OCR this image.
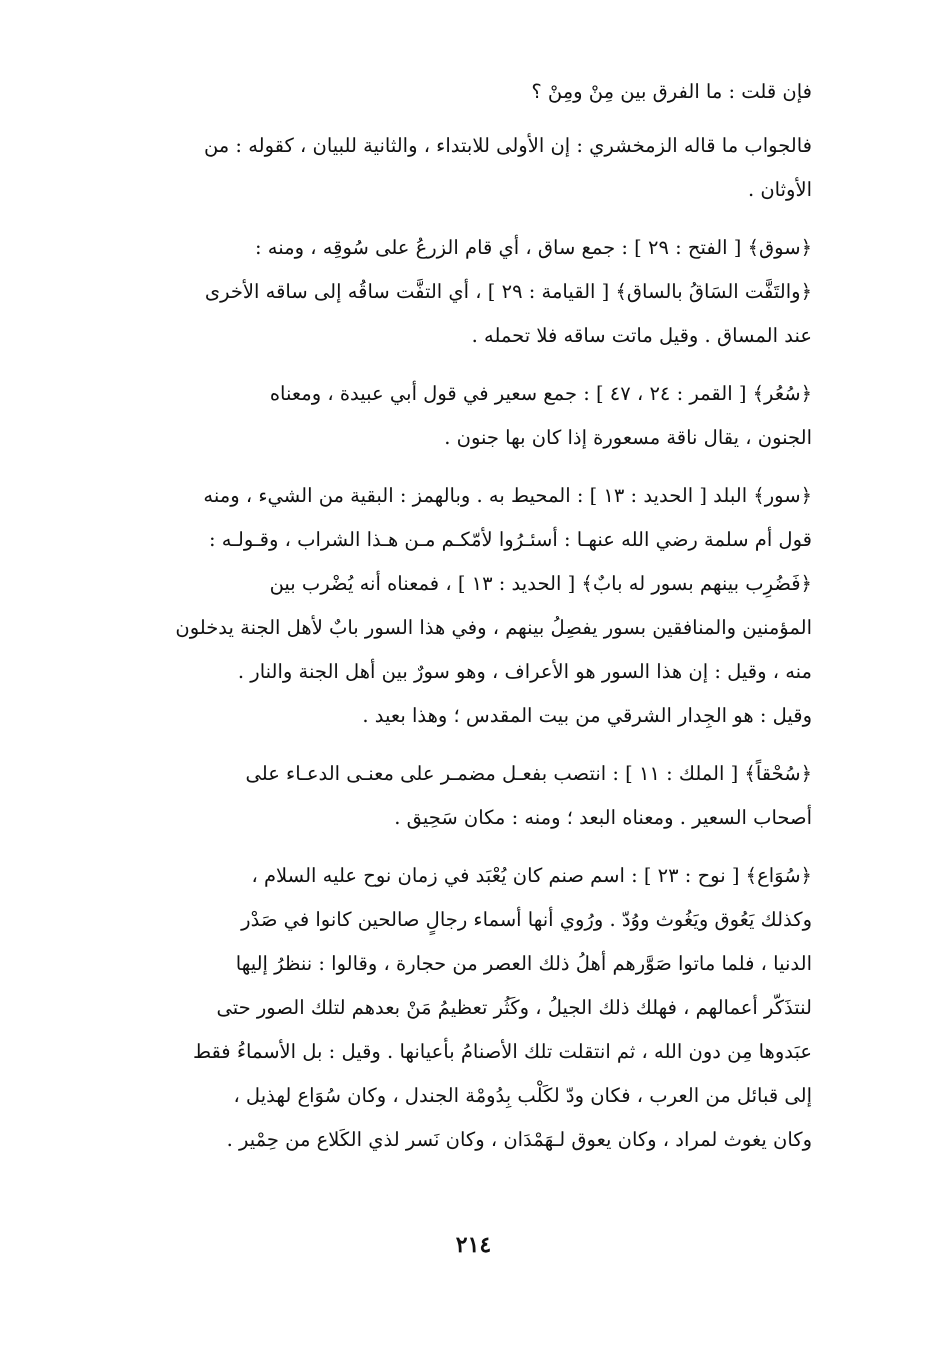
فإن قلت : ما الفرق بين مِنْ ومِنْ ؟

فالجواب ما قاله الزمخشري : إن الأولى للابتداء ، والثانية للبيان ، كقوله : من
الأوثان .

﴿سوق﴾ [ الفتح : ٢٩ ] : جمع ساق ، أي قام الزرعُ على سُوقِه ، ومنه :
﴿والتَفَّت السَاقُ بالساق﴾ [ القيامة : ٢٩ ] ، أي التفَّت ساقُه إلى ساقه الأخرى
عند المساق . وقيل ماتت ساقه فلا تحمله .

﴿سُعُر﴾ [ القمر : ٢٤ ، ٤٧ ] : جمع سعير في قول أبي عبيدة ، ومعناه
الجنون ، يقال ناقة مسعورة إذا كان بها جنون .

﴿سور﴾ البلد [ الحديد : ١٣ ] : المحيط به . وبالهمز : البقية من الشيء ، ومنه
قول أم سلمة رضي الله عنهـا : أسئـرُوا لأمّكـم مـن هـذا الشراب ، وقـولـه :
﴿فَضُرِب بينهم بسور له بابٌ﴾ [ الحديد : ١٣ ] ، فمعناه أنه يُضْرب بين
المؤمنين والمنافقين بسور يفصِلُ بينهم ، وفي هذا السور بابٌ لأهل الجنة يدخلون
منه ، وقيل : إن هذا السور هو الأعراف ، وهو سورٌ بين أهل الجنة والنار .
وقيل : هو الجِدار الشرقي من بيت المقدس ؛ وهذا بعيد .

﴿سُحْقاً﴾ [ الملك : ١١ ] : انتصب بفعـل مضمـر على معنـى الدعـاء على
أصحاب السعير . ومعناه البعد ؛ ومنه : مكان سَحِيق .

﴿سُوَاع﴾ [ نوح : ٢٣ ] : اسم صنم كان يُعْبَد في زمان نوح عليه السلام ،
وكذلك يَعُوق ويَغُوث ووُدّ . ورُوي أنها أسماء رجالٍ صالحين كانوا في صَدْر
الدنيا ، فلما ماتوا صَوَّرهم أهلُ ذلك العصر من حجارة ، وقالوا : ننظرُ إليها
لنتذَكّر أعمالهم ، فهلك ذلك الجيلُ ، وكَثُر تعظيمُ مَنْ بعدهم لتلك الصور حتى
عبَدوها مِن دون الله ، ثم انتقلت تلك الأصنامُ بأعيانها . وقيل : بل الأسماءُ فقط
إلى قبائل من العرب ، فكان ودّ لكَلْب بِدُومْة الجندل ، وكان سُوَاع لهذيل ،
وكان يغوث لمراد ، وكان يعوق لـهَمْدَان ، وكان نَسر لذي الكَلاع من حِمْير .

٢١٤
